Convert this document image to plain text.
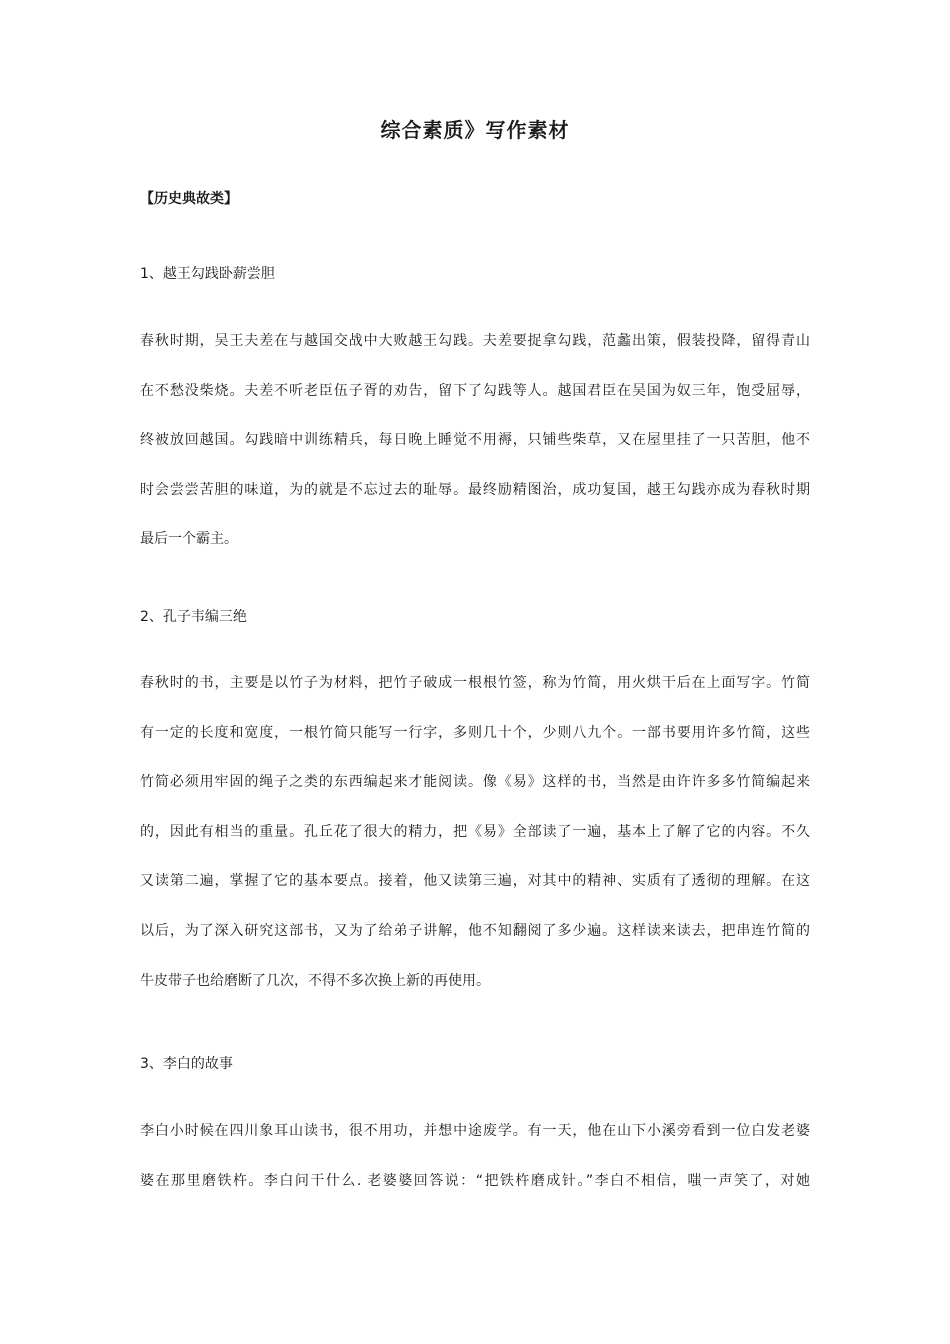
综合素质》写作素材

【历史典故类】

1、越王勾践卧薪尝胆

春秋时期，吴王夫差在与越国交战中大败越王勾践。夫差要捉拿勾践，范蠡出策，假装投降，留得青山
在不愁没柴烧。夫差不听老臣伍子胥的劝告，留下了勾践等人。越国君臣在吴国为奴三年，饱受屈辱，
终被放回越国。勾践暗中训练精兵，每日晚上睡觉不用褥，只铺些柴草，又在屋里挂了一只苦胆，他不
时会尝尝苦胆的味道，为的就是不忘过去的耻辱。最终励精图治，成功复国，越王勾践亦成为春秋时期
最后一个霸主。

2、孔子韦编三绝

春秋时的书，主要是以竹子为材料，把竹子破成一根根竹签，称为竹简，用火烘干后在上面写字。竹简
有一定的长度和宽度，一根竹简只能写一行字，多则几十个，少则八九个。一部书要用许多竹简，这些
竹简必须用牢固的绳子之类的东西编起来才能阅读。像《易》这样的书，当然是由许许多多竹简编起来
的，因此有相当的重量。孔丘花了很大的精力，把《易》全部读了一遍，基本上了解了它的内容。不久
又读第二遍，掌握了它的基本要点。接着，他又读第三遍，对其中的精神、实质有了透彻的理解。在这
以后，为了深入研究这部书，又为了给弟子讲解，他不知翻阅了多少遍。这样读来读去，把串连竹简的
牛皮带子也给磨断了几次，不得不多次换上新的再使用。

3、李白的故事

李白小时候在四川象耳山读书，很不用功，并想中途废学。有一天，他在山下小溪旁看到一位白发老婆
婆在那里磨铁杵。李白问干什么. 老婆婆回答说：“把铁杵磨成针。”李白不相信，嗤一声笑了，对她
